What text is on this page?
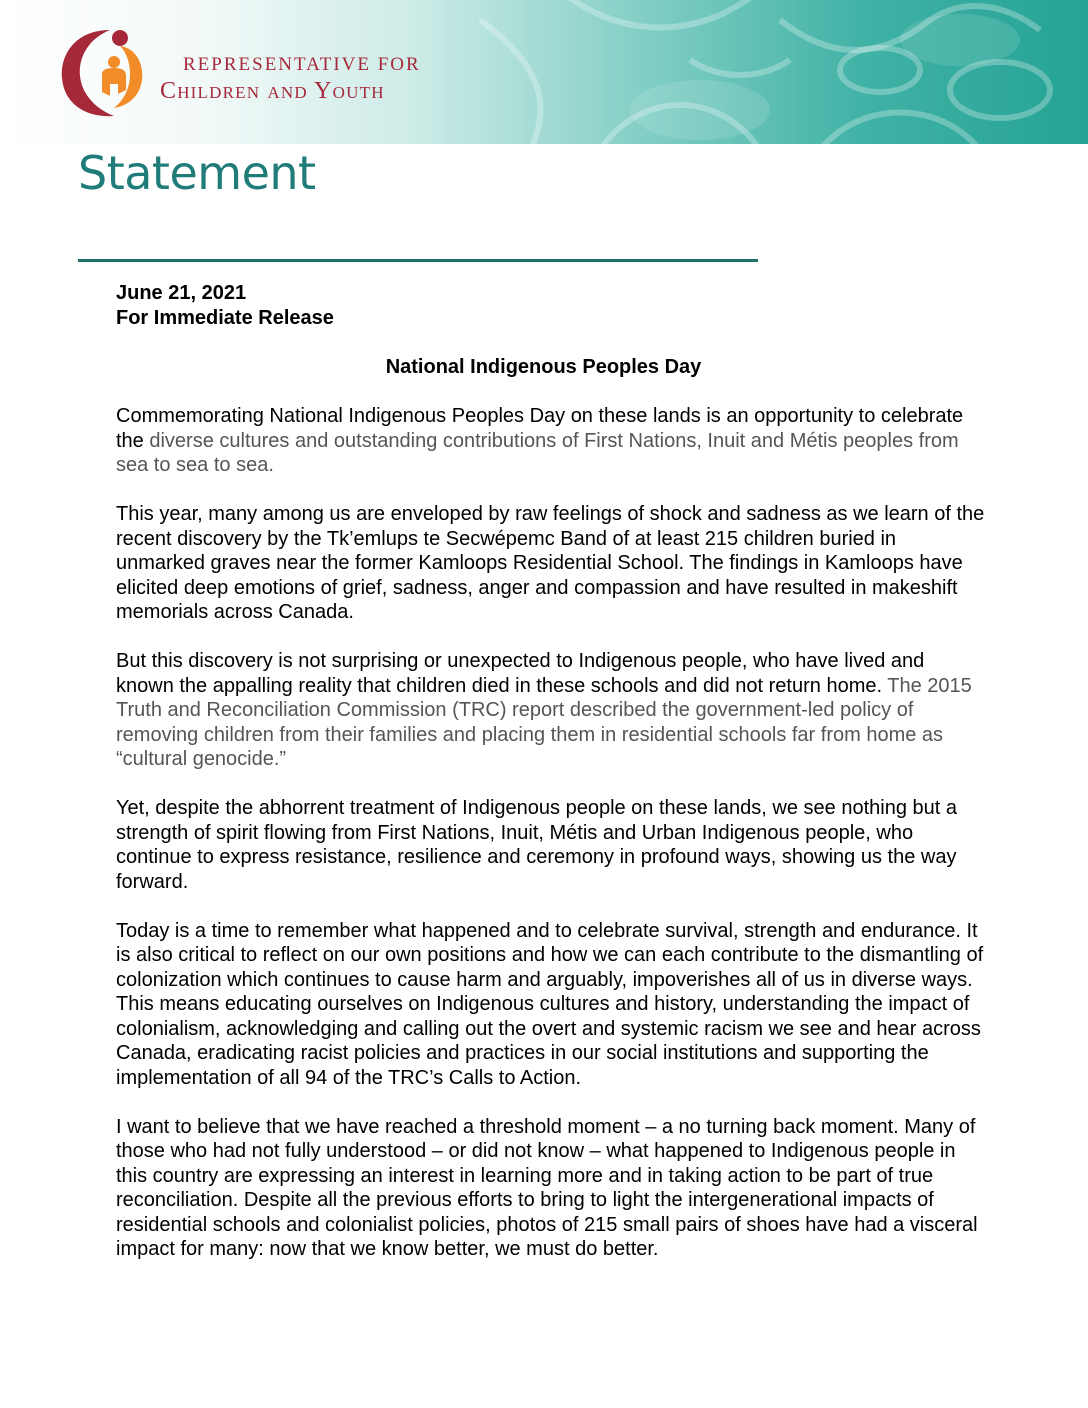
REPRESENTATIVE FOR
Children and Youth
Statement
June 21, 2021
For Immediate Release
National Indigenous Peoples Day

Commemorating National Indigenous Peoples Day on these lands is an opportunity to celebrate the diverse cultures and outstanding contributions of First Nations, Inuit and Métis peoples from sea to sea to sea.

This year, many among us are enveloped by raw feelings of shock and sadness as we learn of the recent discovery by the Tk’emlups te Secwépemc Band of at least 215 children buried in unmarked graves near the former Kamloops Residential School. The findings in Kamloops have elicited deep emotions of grief, sadness, anger and compassion and have resulted in makeshift memorials across Canada.

But this discovery is not surprising or unexpected to Indigenous people, who have lived and known the appalling reality that children died in these schools and did not return home. The 2015 Truth and Reconciliation Commission (TRC) report described the government-led policy of removing children from their families and placing them in residential schools far from home as “cultural genocide.”

Yet, despite the abhorrent treatment of Indigenous people on these lands, we see nothing but a strength of spirit flowing from First Nations, Inuit, Métis and Urban Indigenous people, who continue to express resistance, resilience and ceremony in profound ways, showing us the way forward.

Today is a time to remember what happened and to celebrate survival, strength and endurance. It is also critical to reflect on our own positions and how we can each contribute to the dismantling of colonization which continues to cause harm and arguably, impoverishes all of us in diverse ways. This means educating ourselves on Indigenous cultures and history, understanding the impact of colonialism, acknowledging and calling out the overt and systemic racism we see and hear across Canada, eradicating racist policies and practices in our social institutions and supporting the implementation of all 94 of the TRC’s Calls to Action.

I want to believe that we have reached a threshold moment – a no turning back moment. Many of those who had not fully understood – or did not know – what happened to Indigenous people in this country are expressing an interest in learning more and in taking action to be part of true reconciliation. Despite all the previous efforts to bring to light the intergenerational impacts of residential schools and colonialist policies, photos of 215 small pairs of shoes have had a visceral impact for many: now that we know better, we must do better.
